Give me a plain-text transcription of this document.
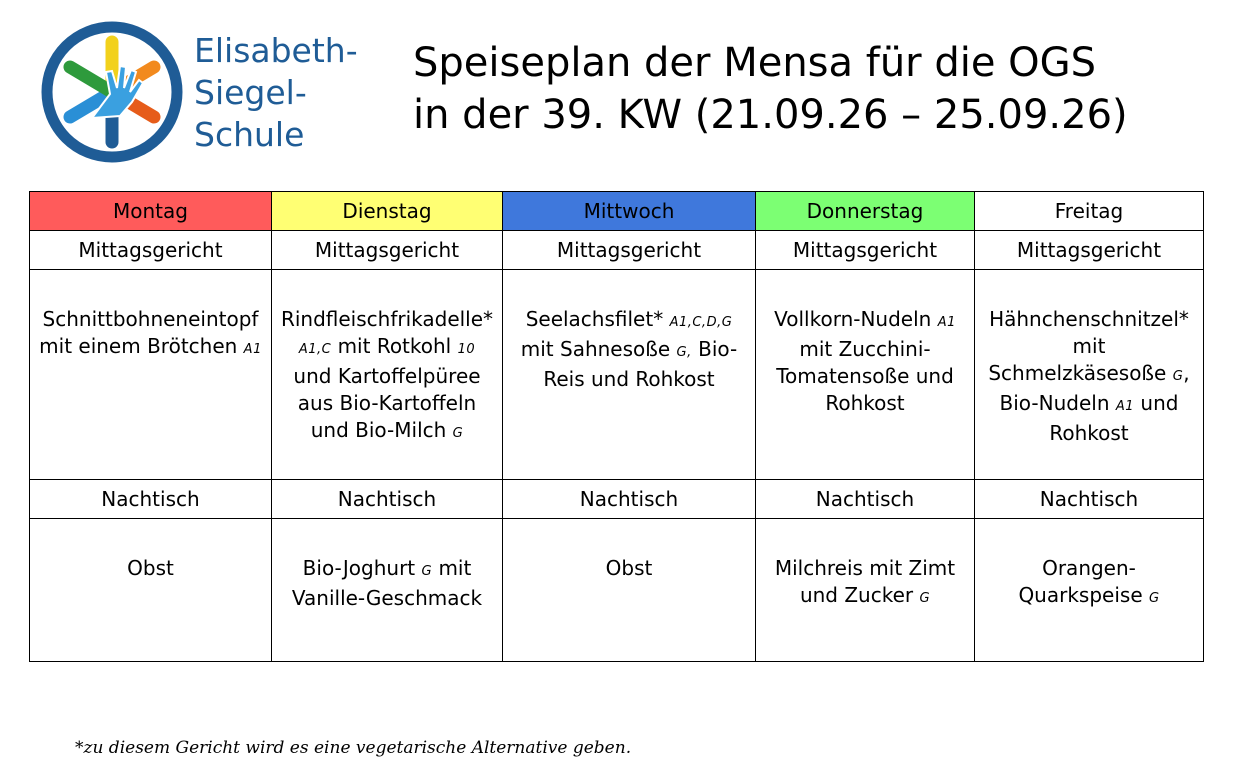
Elisabeth-
Siegel-
Schule
Speiseplan der Mensa für die OGS
in der 39. KW (21.09.26 – 25.09.26)
Montag	Dienstag	Mittwoch	Donnerstag	Freitag
Mittagsgericht	Mittagsgericht	Mittagsgericht	Mittagsgericht	Mittagsgericht
Schnittbohneneintopf mit einem Brötchen A1	Rindfleischfrikadelle* A1,C mit Rotkohl 10 und Kartoffelpüree aus Bio-Kartoffeln und Bio-Milch G	Seelachsfilet* A1,C,D,G mit Sahnesoße G, Bio-Reis und Rohkost	Vollkorn-Nudeln A1 mit Zucchini-Tomatensoße und Rohkost	Hähnchenschnitzel* mit Schmelzkäsesoße G, Bio-Nudeln A1 und Rohkost
Nachtisch	Nachtisch	Nachtisch	Nachtisch	Nachtisch
Obst	Bio-Joghurt G mit Vanille-Geschmack	Obst	Milchreis mit Zimt und Zucker G	Orangen-Quarkspeise G
*zu diesem Gericht wird es eine vegetarische Alternative geben.
